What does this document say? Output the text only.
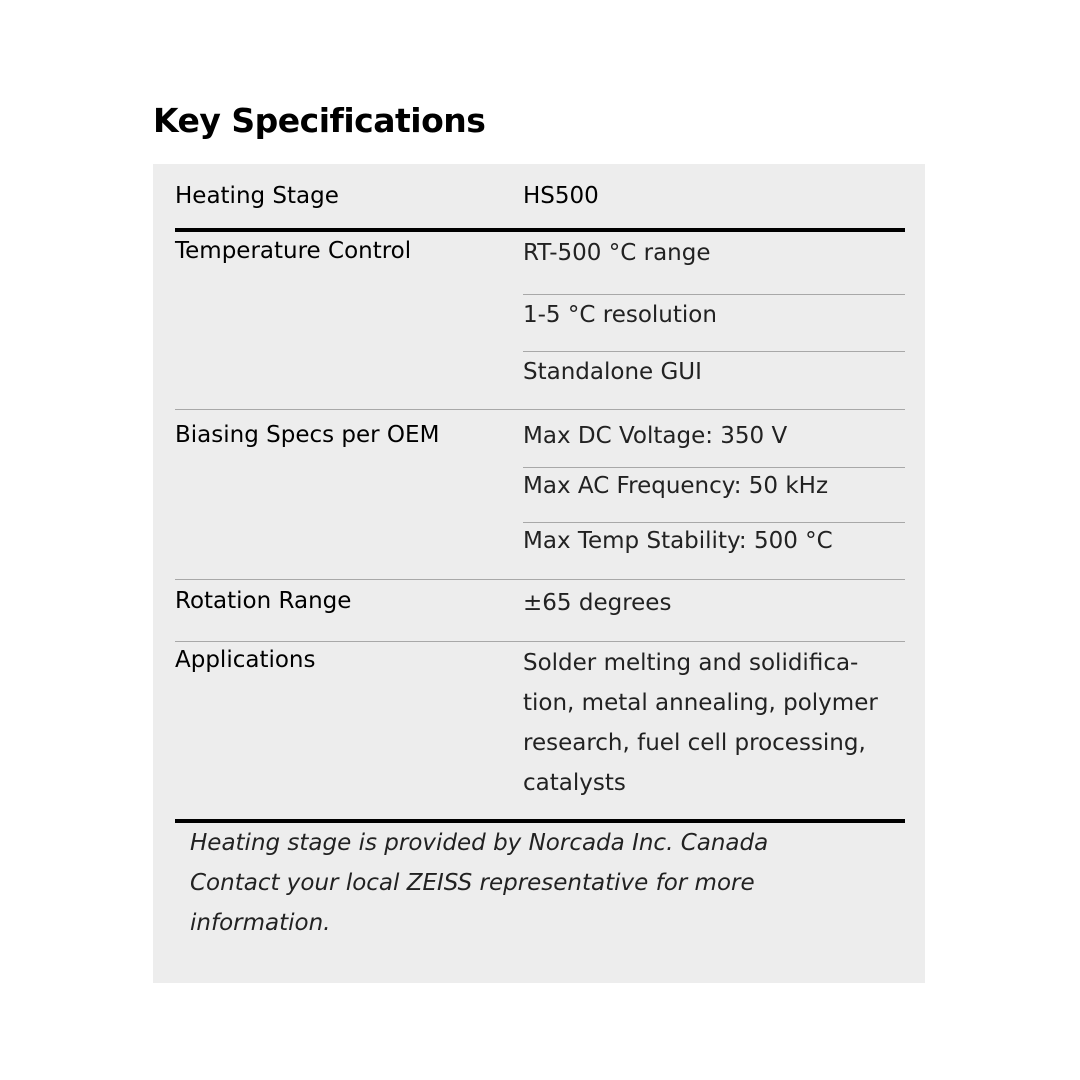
Key Specifications
Heating Stage	HS500
Temperature Control	RT-500 °C range
1-5 °C resolution
Standalone GUI
Biasing Specs per OEM	Max DC Voltage: 350 V
Max AC Frequency: 50 kHz
Max Temp Stability: 500 °C
Rotation Range	±65 degrees
Applications	Solder melting and solidifica-
tion, metal annealing, polymer
research, fuel cell processing,
catalysts

Heating stage is provided by Norcada Inc. Canada
Contact your local ZEISS representative for more
information.
